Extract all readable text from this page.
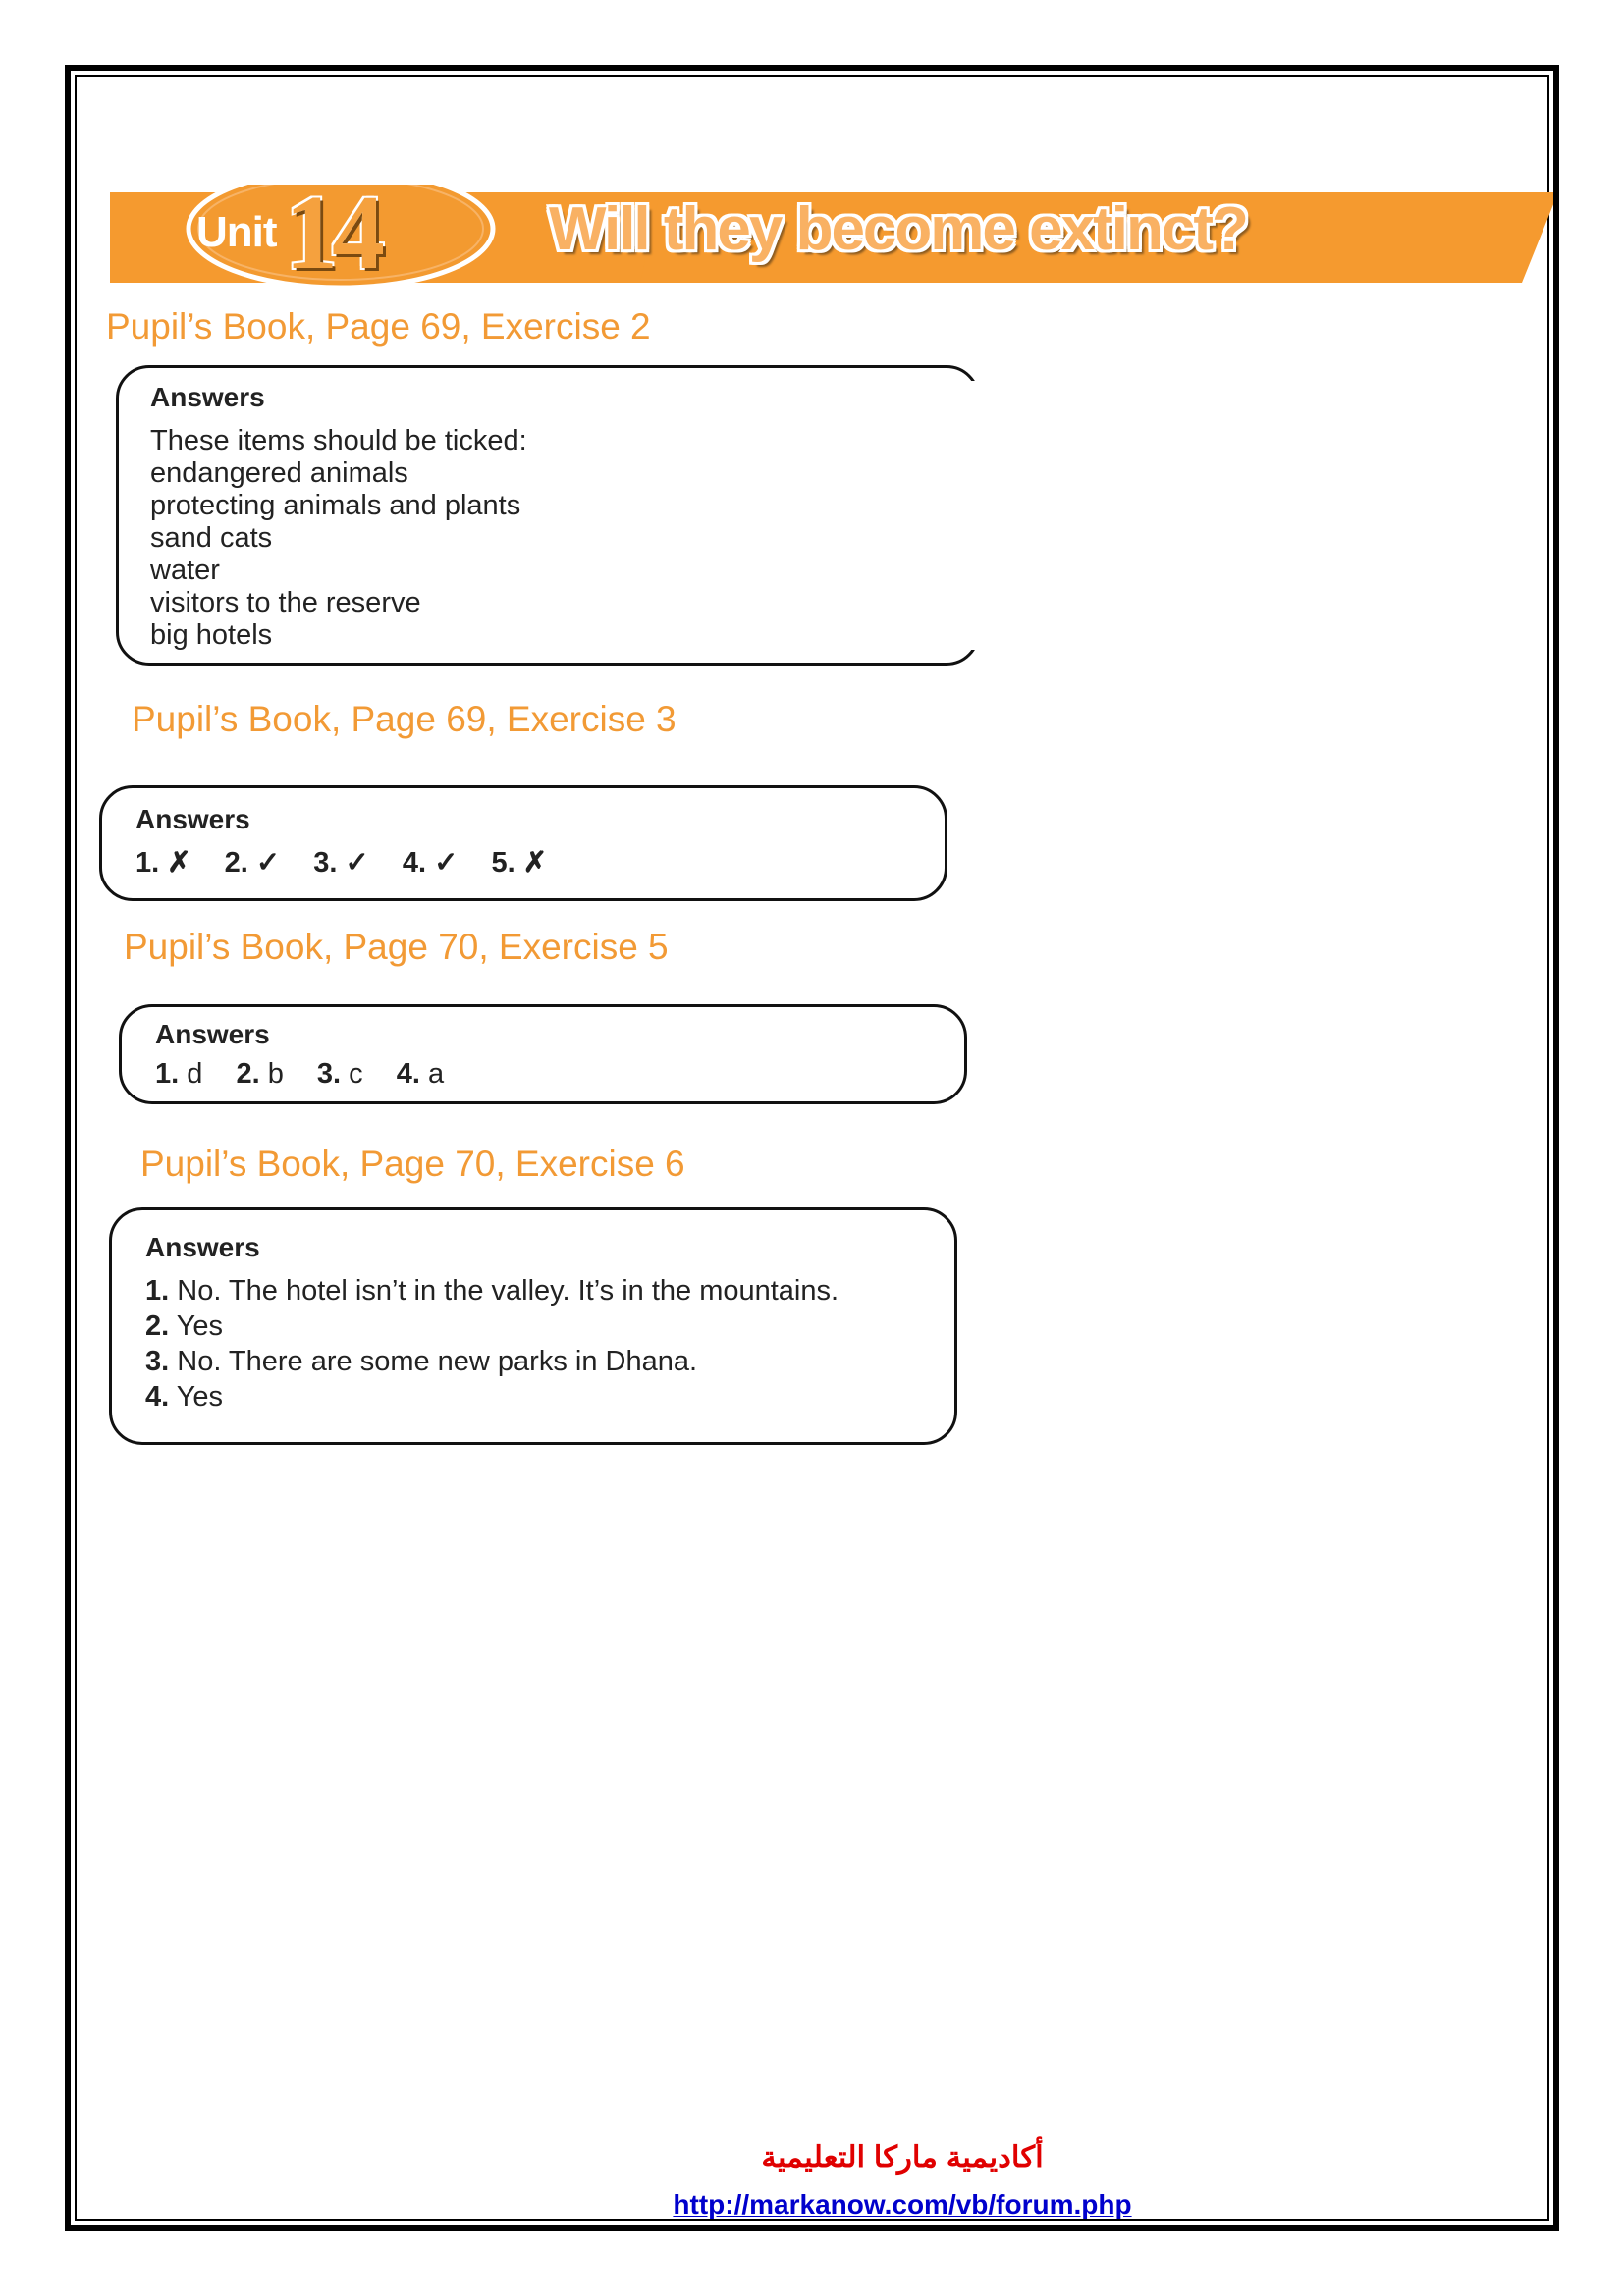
Unit 14	Will they become extinct?
Pupil’s Book, Page 69, Exercise 2
Answers
These items should be ticked:
endangered animals
protecting animals and plants
sand cats
water
visitors to the reserve
big hotels
Pupil’s Book, Page 69, Exercise 3
Answers
1. ✗ 2. ✓ 3. ✓ 4. ✓ 5. ✗
Pupil’s Book, Page 70, Exercise 5
Answers
1. d 2. b 3. c 4. a
Pupil’s Book, Page 70, Exercise 6
Answers
1. No. The hotel isn’t in the valley. It’s in the mountains.
2. Yes
3. No. There are some new parks in Dhana.
4. Yes
أكاديمية ماركا التعليمية
http://markanow.com/vb/forum.php
